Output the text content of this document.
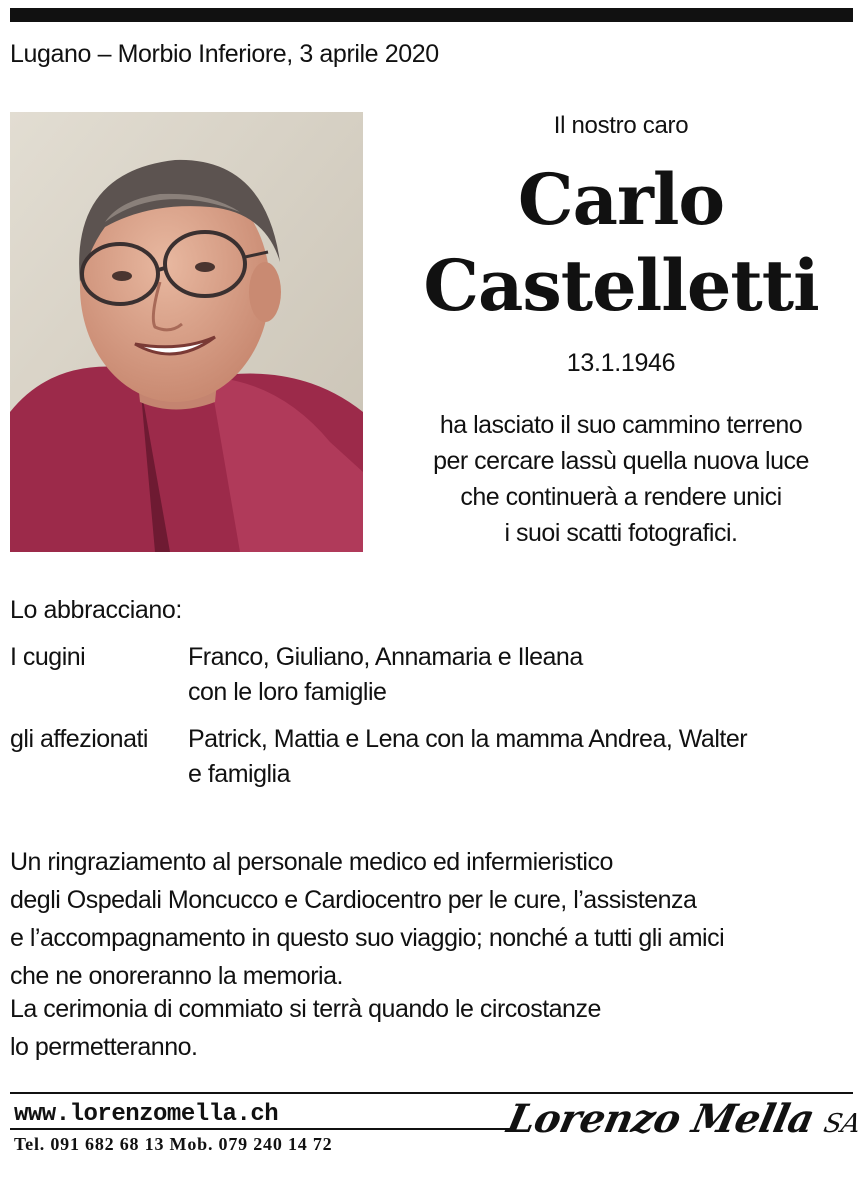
Lugano – Morbio Inferiore, 3 aprile 2020
Il nostro caro
Carlo
Castelletti
13.1.1946
ha lasciato il suo cammino terreno
per cercare lassù quella nuova luce
che continuerà a rendere unici
i suoi scatti fotografici.
Lo abbracciano:
I cugini	Franco, Giuliano, Annamaria e Ileana
con le loro famiglie
gli affezionati	Patrick, Mattia e Lena con la mamma Andrea, Walter
e famiglia
Un ringraziamento al personale medico ed infermieristico
degli Ospedali Moncucco e Cardiocentro per le cure, l’assistenza
e l’accompagnamento in questo suo viaggio; nonché a tutti gli amici
che ne onoreranno la memoria.
La cerimonia di commiato si terrà quando le circostanze
lo permetteranno.
www.lorenzomella.ch
Tel. 091 682 68 13 Mob. 079 240 14 72
Lorenzo Mella SA
